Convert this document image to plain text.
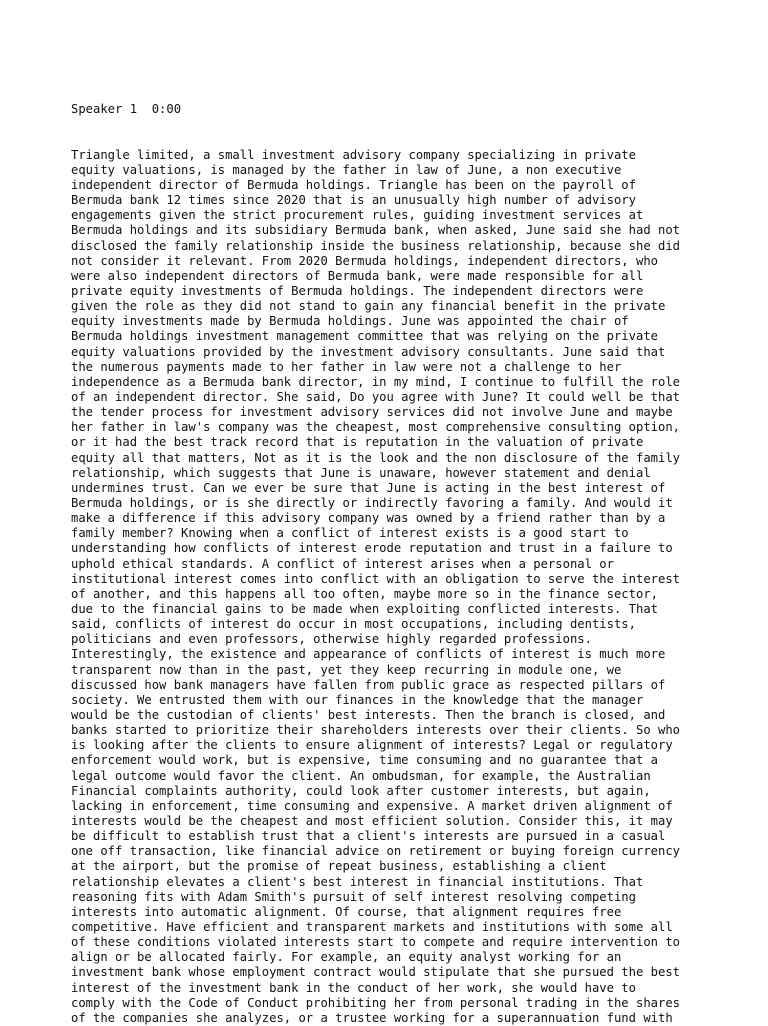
Speaker 1  0:00

Triangle limited, a small investment advisory company specializing in private
equity valuations, is managed by the father in law of June, a non executive
independent director of Bermuda holdings. Triangle has been on the payroll of
Bermuda bank 12 times since 2020 that is an unusually high number of advisory
engagements given the strict procurement rules, guiding investment services at
Bermuda holdings and its subsidiary Bermuda bank, when asked, June said she had not
disclosed the family relationship inside the business relationship, because she did
not consider it relevant. From 2020 Bermuda holdings, independent directors, who
were also independent directors of Bermuda bank, were made responsible for all
private equity investments of Bermuda holdings. The independent directors were
given the role as they did not stand to gain any financial benefit in the private
equity investments made by Bermuda holdings. June was appointed the chair of
Bermuda holdings investment management committee that was relying on the private
equity valuations provided by the investment advisory consultants. June said that
the numerous payments made to her father in law were not a challenge to her
independence as a Bermuda bank director, in my mind, I continue to fulfill the role
of an independent director. She said, Do you agree with June? It could well be that
the tender process for investment advisory services did not involve June and maybe
her father in law's company was the cheapest, most comprehensive consulting option,
or it had the best track record that is reputation in the valuation of private
equity all that matters, Not as it is the look and the non disclosure of the family
relationship, which suggests that June is unaware, however statement and denial
undermines trust. Can we ever be sure that June is acting in the best interest of
Bermuda holdings, or is she directly or indirectly favoring a family. And would it
make a difference if this advisory company was owned by a friend rather than by a
family member? Knowing when a conflict of interest exists is a good start to
understanding how conflicts of interest erode reputation and trust in a failure to
uphold ethical standards. A conflict of interest arises when a personal or
institutional interest comes into conflict with an obligation to serve the interest
of another, and this happens all too often, maybe more so in the finance sector,
due to the financial gains to be made when exploiting conflicted interests. That
said, conflicts of interest do occur in most occupations, including dentists,
politicians and even professors, otherwise highly regarded professions.
Interestingly, the existence and appearance of conflicts of interest is much more
transparent now than in the past, yet they keep recurring in module one, we
discussed how bank managers have fallen from public grace as respected pillars of
society. We entrusted them with our finances in the knowledge that the manager
would be the custodian of clients' best interests. Then the branch is closed, and
banks started to prioritize their shareholders interests over their clients. So who
is looking after the clients to ensure alignment of interests? Legal or regulatory
enforcement would work, but is expensive, time consuming and no guarantee that a
legal outcome would favor the client. An ombudsman, for example, the Australian
Financial complaints authority, could look after customer interests, but again,
lacking in enforcement, time consuming and expensive. A market driven alignment of
interests would be the cheapest and most efficient solution. Consider this, it may
be difficult to establish trust that a client's interests are pursued in a casual
one off transaction, like financial advice on retirement or buying foreign currency
at the airport, but the promise of repeat business, establishing a client
relationship elevates a client's best interest in financial institutions. That
reasoning fits with Adam Smith's pursuit of self interest resolving competing
interests into automatic alignment. Of course, that alignment requires free
competitive. Have efficient and transparent markets and institutions with some all
of these conditions violated interests start to compete and require intervention to
align or be allocated fairly. For example, an equity analyst working for an
investment bank whose employment contract would stipulate that she pursued the best
interest of the investment bank in the conduct of her work, she would have to
comply with the Code of Conduct prohibiting her from personal trading in the shares
of the companies she analyzes, or a trustee working for a superannuation fund with
